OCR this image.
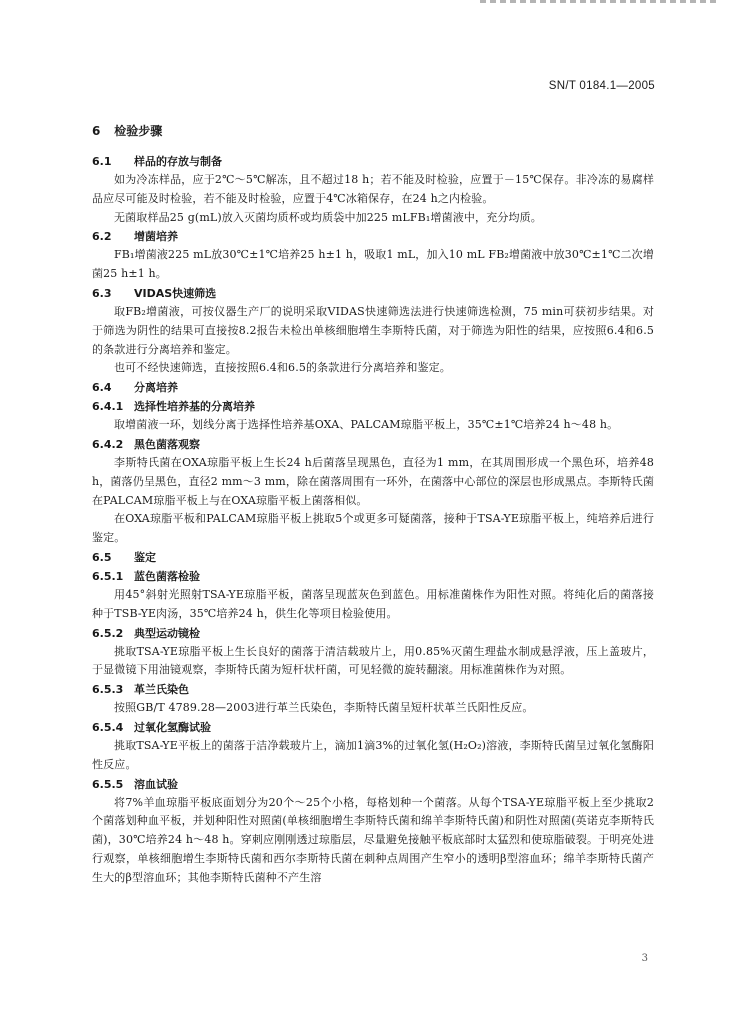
SN/T 0184.1—2005
6 检验步骤
6.1 样品的存放与制备

如为冷冻样品，应于2℃～5℃解冻，且不超过18 h；若不能及时检验，应置于－15℃保存。非冷冻的易腐样品应尽可能及时检验，若不能及时检验，应置于4℃冰箱保存，在24 h之内检验。

无菌取样品25 g(mL)放入灭菌均质杯或均质袋中加225 mLFB₁增菌液中，充分均质。

6.2 增菌培养

FB₁增菌液225 mL放30℃±1℃培养25 h±1 h，吸取1 mL，加入10 mL FB₂增菌液中放30℃±1℃二次增菌25 h±1 h。

6.3 VIDAS快速筛选

取FB₂增菌液，可按仪器生产厂的说明采取VIDAS快速筛选法进行快速筛选检测，75 min可获初步结果。对于筛选为阴性的结果可直接按8.2报告未检出单核细胞增生李斯特氏菌，对于筛选为阳性的结果，应按照6.4和6.5的条款进行分离培养和鉴定。

也可不经快速筛选，直接按照6.4和6.5的条款进行分离培养和鉴定。

6.4 分离培养
6.4.1 选择性培养基的分离培养

取增菌液一环，划线分离于选择性培养基OXA、PALCAM琼脂平板上，35℃±1℃培养24 h～48 h。

6.4.2 黑色菌落观察

李斯特氏菌在OXA琼脂平板上生长24 h后菌落呈现黑色，直径为1 mm，在其周围形成一个黑色环，培养48 h，菌落仍呈黑色，直径2 mm～3 mm，除在菌落周围有一环外，在菌落中心部位的深层也形成黑点。李斯特氏菌在PALCAM琼脂平板上与在OXA琼脂平板上菌落相似。

在OXA琼脂平板和PALCAM琼脂平板上挑取5个或更多可疑菌落，接种于TSA-YE琼脂平板上，纯培养后进行鉴定。

6.5 鉴定
6.5.1 蓝色菌落检验

用45°斜射光照射TSA-YE琼脂平板，菌落呈现蓝灰色到蓝色。用标准菌株作为阳性对照。将纯化后的菌落接种于TSB-YE肉汤，35℃培养24 h，供生化等项目检验使用。

6.5.2 典型运动镜检

挑取TSA-YE琼脂平板上生长良好的菌落于清洁载玻片上，用0.85%灭菌生理盐水制成悬浮液，压上盖玻片，于显微镜下用油镜观察，李斯特氏菌为短杆状杆菌，可见轻微的旋转翻滚。用标准菌株作为对照。

6.5.3 革兰氏染色

按照GB/T 4789.28—2003进行革兰氏染色，李斯特氏菌呈短杆状革兰氏阳性反应。

6.5.4 过氧化氢酶试验

挑取TSA-YE平板上的菌落于洁净载玻片上，滴加1滴3%的过氧化氢(H₂O₂)溶液，李斯特氏菌呈过氧化氢酶阳性反应。

6.5.5 溶血试验

将7%羊血琼脂平板底面划分为20个～25个小格，每格划种一个菌落。从每个TSA-YE琼脂平板上至少挑取2个菌落划种血平板，并划种阳性对照菌(单核细胞增生李斯特氏菌和绵羊李斯特氏菌)和阴性对照菌(英诺克李斯特氏菌)，30℃培养24 h～48 h。穿刺应刚刚透过琼脂层，尽量避免接触平板底部时太猛烈和使琼脂破裂。于明亮处进行观察，单核细胞增生李斯特氏菌和西尔李斯特氏菌在刺种点周围产生窄小的透明β型溶血环；绵羊李斯特氏菌产生大的β型溶血环；其他李斯特氏菌种不产生溶

3
